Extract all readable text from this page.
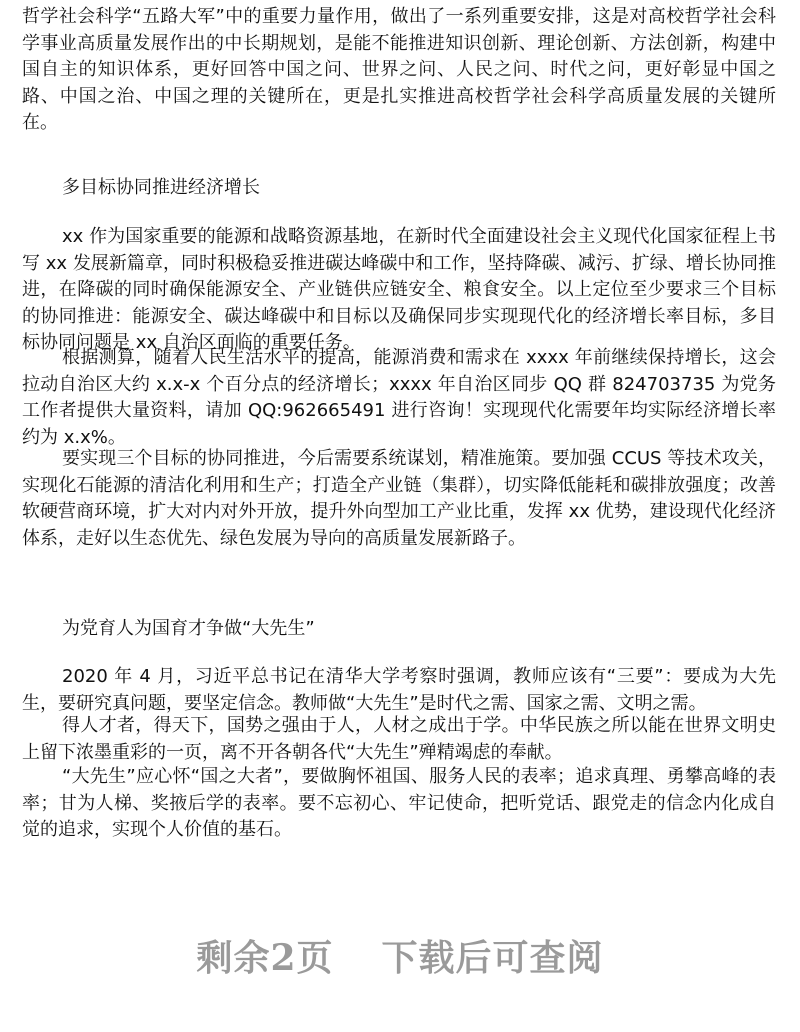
哲学社会科学“五路大军”中的重要力量作用，做出了一系列重要安排，这是对高校哲学社会科学事业高质量发展作出的中长期规划，是能不能推进知识创新、理论创新、方法创新，构建中国自主的知识体系，更好回答中国之问、世界之问、人民之问、时代之问，更好彰显中国之路、中国之治、中国之理的关键所在，更是扎实推进高校哲学社会科学高质量发展的关键所在。

多目标协同推进经济增长

xx 作为国家重要的能源和战略资源基地，在新时代全面建设社会主义现代化国家征程上书写 xx 发展新篇章，同时积极稳妥推进碳达峰碳中和工作，坚持降碳、减污、扩绿、增长协同推进，在降碳的同时确保能源安全、产业链供应链安全、粮食安全。以上定位至少要求三个目标的协同推进：能源安全、碳达峰碳中和目标以及确保同步实现现代化的经济增长率目标，多目标协同问题是 xx 自治区面临的重要任务。

根据测算，随着人民生活水平的提高，能源消费和需求在 xxxx 年前继续保持增长，这会拉动自治区大约 x.x-x 个百分点的经济增长；xxxx 年自治区同步 QQ 群 824703735 为党务工作者提供大量资料，请加 QQ:962665491 进行咨询！实现现代化需要年均实际经济增长率约为 x.x%。

要实现三个目标的协同推进，今后需要系统谋划，精准施策。要加强 CCUS 等技术攻关，实现化石能源的清洁化利用和生产；打造全产业链（集群），切实降低能耗和碳排放强度；改善软硬营商环境，扩大对内对外开放，提升外向型加工产业比重，发挥 xx 优势，建设现代化经济体系，走好以生态优先、绿色发展为导向的高质量发展新路子。

为党育人为国育才争做“大先生”

2020 年 4 月，习近平总书记在清华大学考察时强调，教师应该有“三要”：要成为大先生，要研究真问题，要坚定信念。教师做“大先生”是时代之需、国家之需、文明之需。

得人才者，得天下，国势之强由于人，人材之成出于学。中华民族之所以能在世界文明史上留下浓墨重彩的一页，离不开各朝各代“大先生”殚精竭虑的奉献。

“大先生”应心怀“国之大者”，要做胸怀祖国、服务人民的表率；追求真理、勇攀高峰的表率；甘为人梯、奖掖后学的表率。要不忘初心、牢记使命，把听党话、跟党走的信念内化成自觉的追求，实现个人价值的基石。

剩余2页 下载后可查阅
